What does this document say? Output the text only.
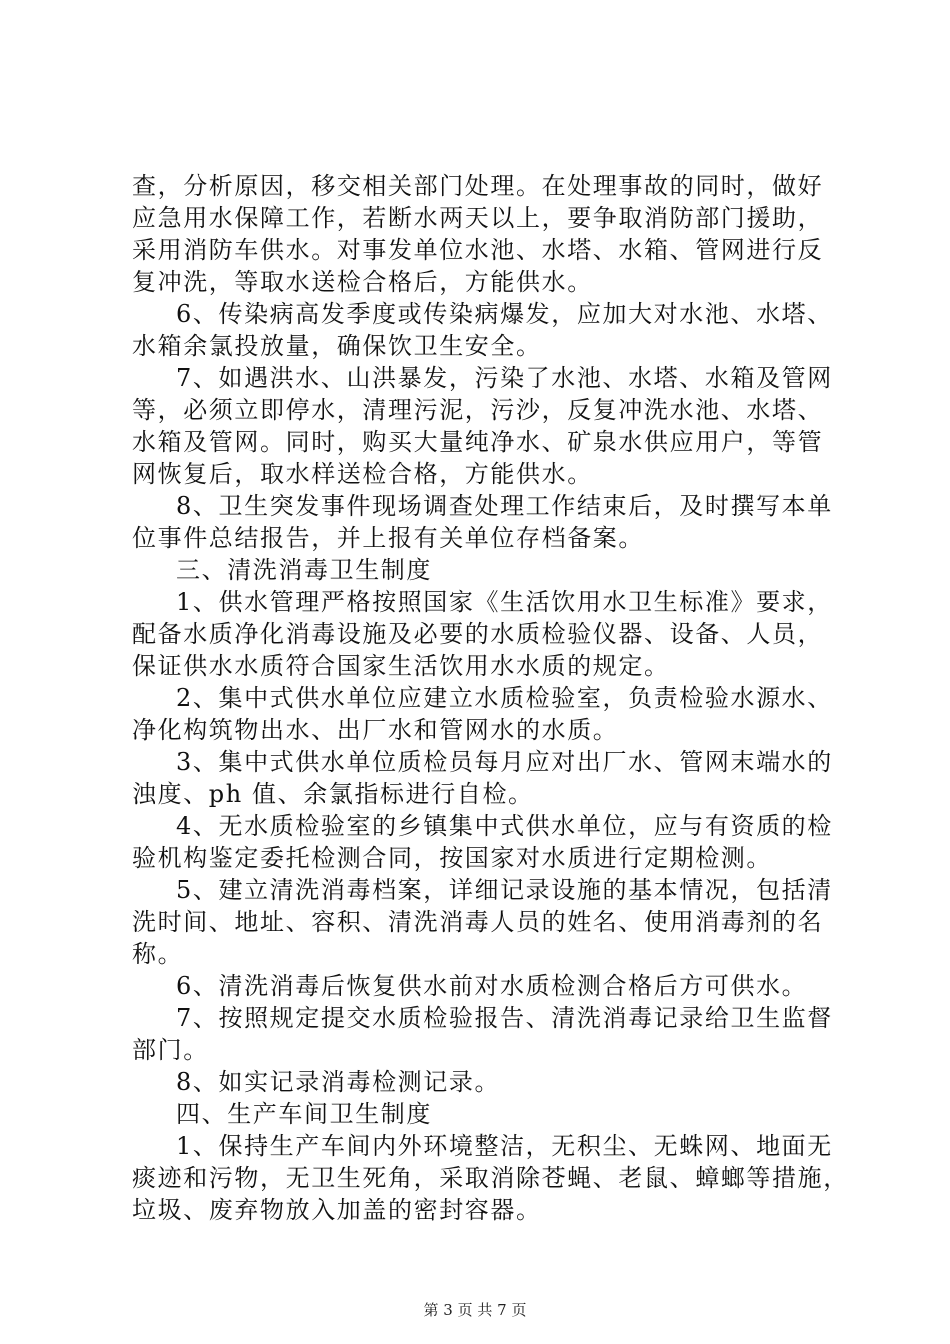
查，分析原因，移交相关部门处理。在处理事故的同时，做好
应急用水保障工作，若断水两天以上，要争取消防部门援助，
采用消防车供水。对事发单位水池、水塔、水箱、管网进行反
复冲洗，等取水送检合格后，方能供水。
6、传染病高发季度或传染病爆发，应加大对水池、水塔、
水箱余氯投放量，确保饮卫生安全。
7、如遇洪水、山洪暴发，污染了水池、水塔、水箱及管网
等，必须立即停水，清理污泥，污沙，反复冲洗水池、水塔、
水箱及管网。同时，购买大量纯净水、矿泉水供应用户，等管
网恢复后，取水样送检合格，方能供水。
8、卫生突发事件现场调查处理工作结束后，及时撰写本单
位事件总结报告，并上报有关单位存档备案。
三、清洗消毒卫生制度
1、供水管理严格按照国家《生活饮用水卫生标准》要求，
配备水质净化消毒设施及必要的水质检验仪器、设备、人员，
保证供水水质符合国家生活饮用水水质的规定。
2、集中式供水单位应建立水质检验室，负责检验水源水、
净化构筑物出水、出厂水和管网水的水质。
3、集中式供水单位质检员每月应对出厂水、管网末端水的
浊度、ph 值、余氯指标进行自检。
4、无水质检验室的乡镇集中式供水单位，应与有资质的检
验机构鉴定委托检测合同，按国家对水质进行定期检测。
5、建立清洗消毒档案，详细记录设施的基本情况，包括清
洗时间、地址、容积、清洗消毒人员的姓名、使用消毒剂的名
称。
6、清洗消毒后恢复供水前对水质检测合格后方可供水。
7、按照规定提交水质检验报告、清洗消毒记录给卫生监督
部门。
8、如实记录消毒检测记录。
四、生产车间卫生制度
1、保持生产车间内外环境整洁，无积尘、无蛛网、地面无
痰迹和污物，无卫生死角，采取消除苍蝇、老鼠、蟑螂等措施，
垃圾、废弃物放入加盖的密封容器。
第 3 页 共 7 页
